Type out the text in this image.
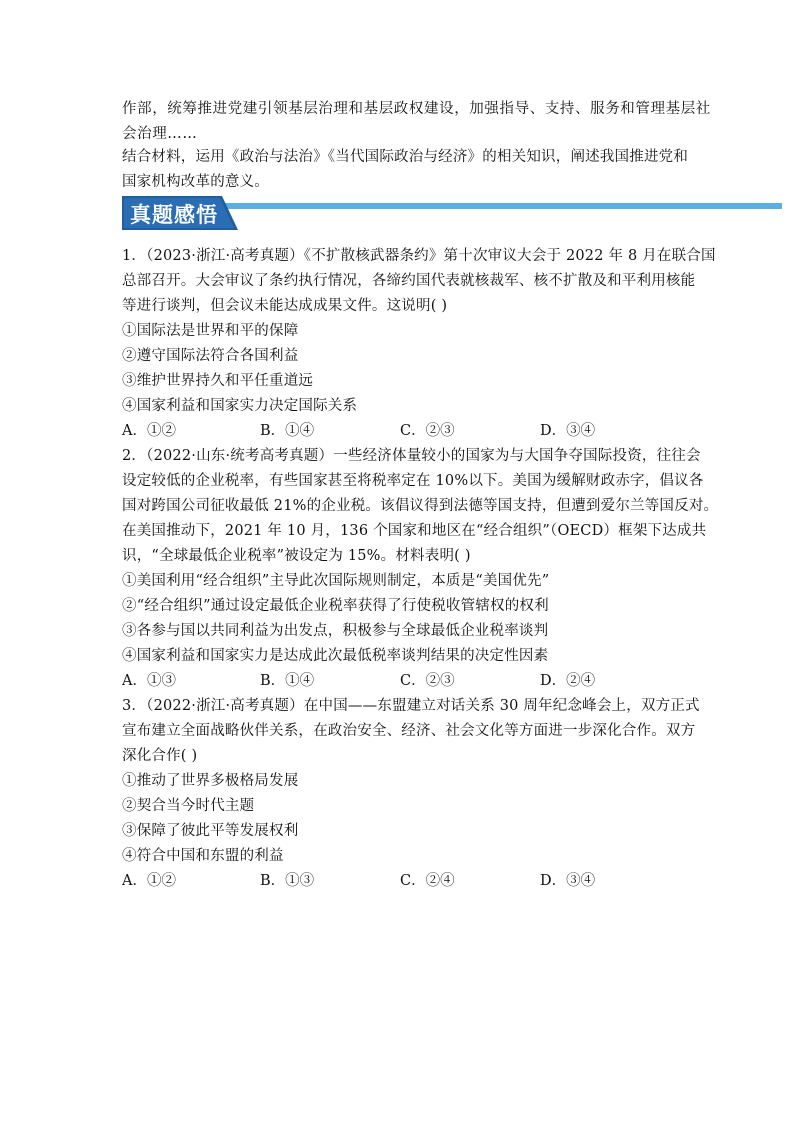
作部，统筹推进党建引领基层治理和基层政权建设，加强指导、支持、服务和管理基层社
会治理……
结合材料，运用《政治与法治》《当代国际政治与经济》的相关知识，阐述我国推进党和
国家机构改革的意义。
真题感悟
1．（2023·浙江·高考真题）《不扩散核武器条约》第十次审议大会于 2022 年 8 月在联合国
总部召开。大会审议了条约执行情况，各缔约国代表就核裁军、核不扩散及和平利用核能
等进行谈判，但会议未能达成成果文件。这说明( )
①国际法是世界和平的保障
②遵守国际法符合各国利益
③维护世界持久和平任重道远
④国家利益和国家实力决定国际关系
A．①②	B．①④	C．②③	D．③④
2．（2022·山东·统考高考真题）一些经济体量较小的国家为与大国争夺国际投资，往往会
设定较低的企业税率，有些国家甚至将税率定在 10%以下。美国为缓解财政赤字，倡议各
国对跨国公司征收最低 21%的企业税。该倡议得到法德等国支持，但遭到爱尔兰等国反对。
在美国推动下，2021 年 10 月，136 个国家和地区在“经合组织”（OECD）框架下达成共
识，“全球最低企业税率”被设定为 15%。材料表明( )
①美国利用“经合组织”主导此次国际规则制定，本质是“美国优先”
②“经合组织”通过设定最低企业税率获得了行使税收管辖权的权利
③各参与国以共同利益为出发点，积极参与全球最低企业税率谈判
④国家利益和国家实力是达成此次最低税率谈判结果的决定性因素
A．①③	B．①④	C．②③	D．②④
3．（2022·浙江·高考真题）在中国——东盟建立对话关系 30 周年纪念峰会上，双方正式
宣布建立全面战略伙伴关系，在政治安全、经济、社会文化等方面进一步深化合作。双方
深化合作( )
①推动了世界多极格局发展
②契合当今时代主题
③保障了彼此平等发展权利
④符合中国和东盟的利益
A．①②	B．①③	C．②④	D．③④
